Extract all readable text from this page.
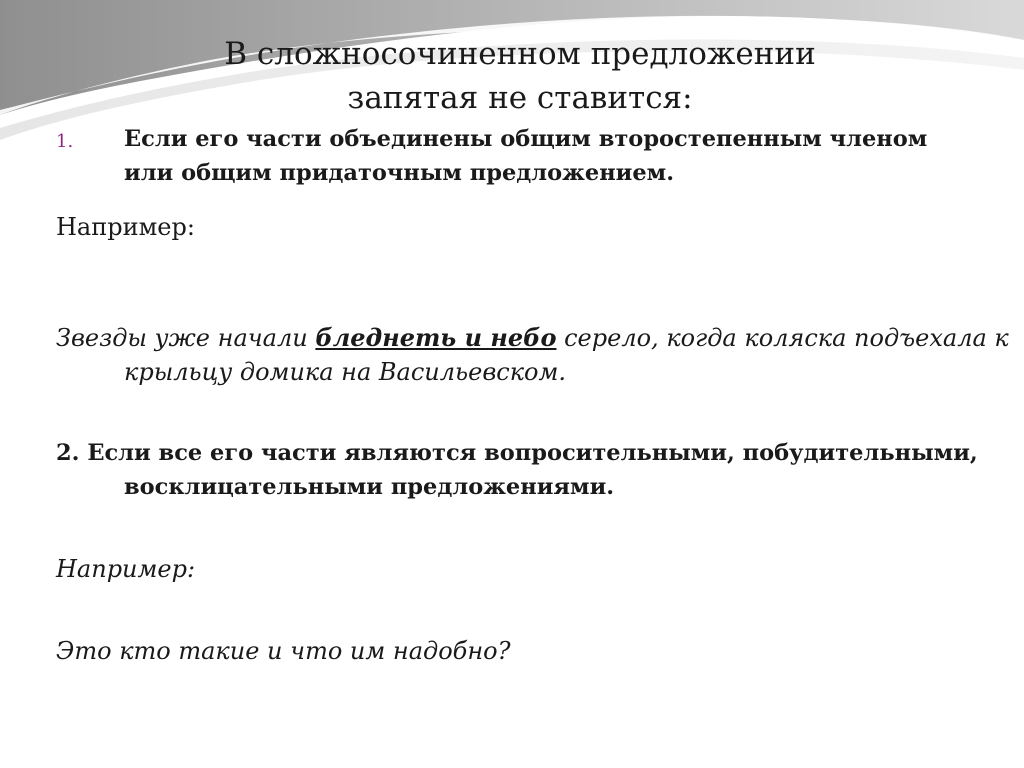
В сложносочиненном предложении
запятая не ставится:
1. Если его части объединены общим второстепенным членом или общим придаточным предложением.

Например:

Звезды уже начали бледнеть и небо серело, когда коляска подъехала к крыльцу домика на Васильевском.

2. Если все его части являются вопросительными, побудительными, восклицательными предложениями.

Например:

Это кто такие и что им надобно?
